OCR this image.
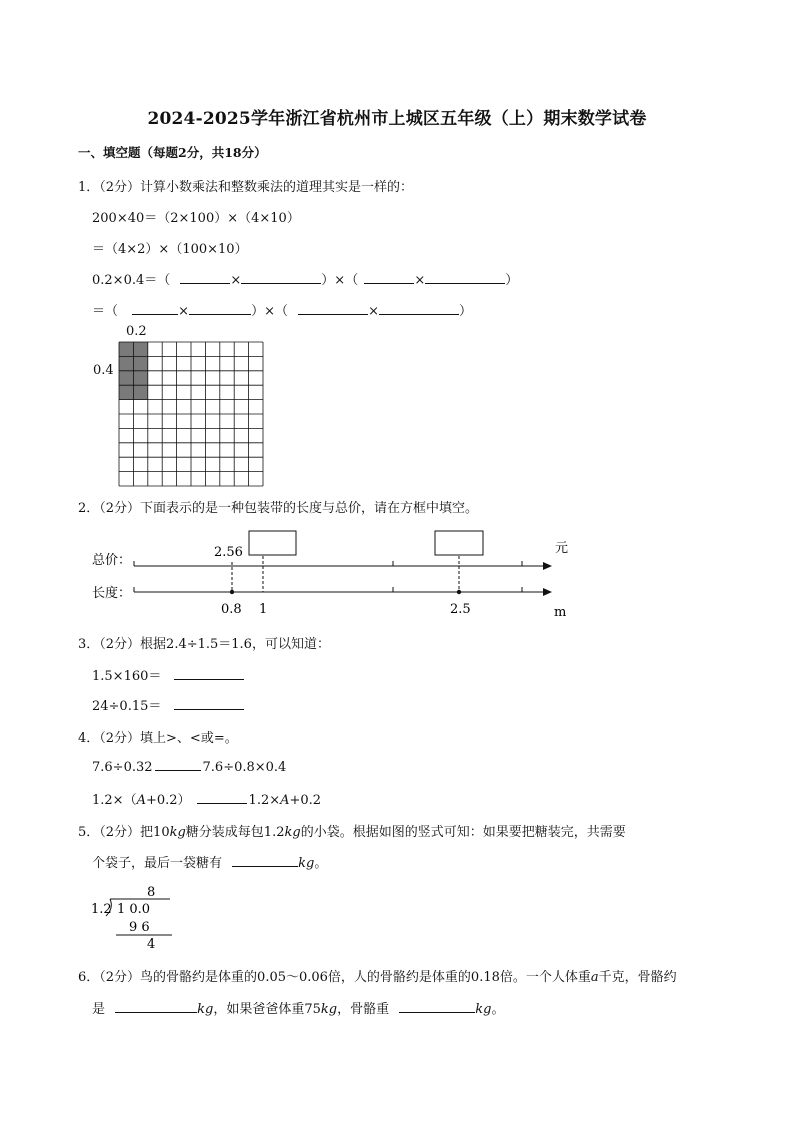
2024-2025学年浙江省杭州市上城区五年级（上）期末数学试卷
一、填空题（每题2分，共18分）
1．（2分）计算小数乘法和整数乘法的道理其实是一样的：
200×40＝（2×100）×（4×10）
＝（4×2）×（100×10）
0.2×0.4＝（	×	）×（	×	）
＝（	×	）×（	×	）
0.2
0.4
2．（2分）下面表示的是一种包装带的长度与总价，请在方框中填空。
总价：
长度：
2.56	元
m
0.8 1	2.5
3．（2分）根据2.4÷1.5＝1.6，可以知道：
1.5×160＝
24÷0.15＝
4．（2分）填上>、<或=。
7.6÷0.32	7.6÷0.8×0.4
1.2×（A+0.2）	1.2×A+0.2
5．（2分）把10kg糖分装成每包1.2kg的小袋。根据如图的竖式可知：如果要把糖装完，共需要
个袋子，最后一袋糖有	kg。
8
1.2 1 0.0
9 6
4
6．（2分）鸟的骨骼约是体重的0.05～0.06倍，人的骨骼约是体重的0.18倍。一个人体重a千克，骨骼约
是	kg，如果爸爸体重75kg，骨骼重	kg。
